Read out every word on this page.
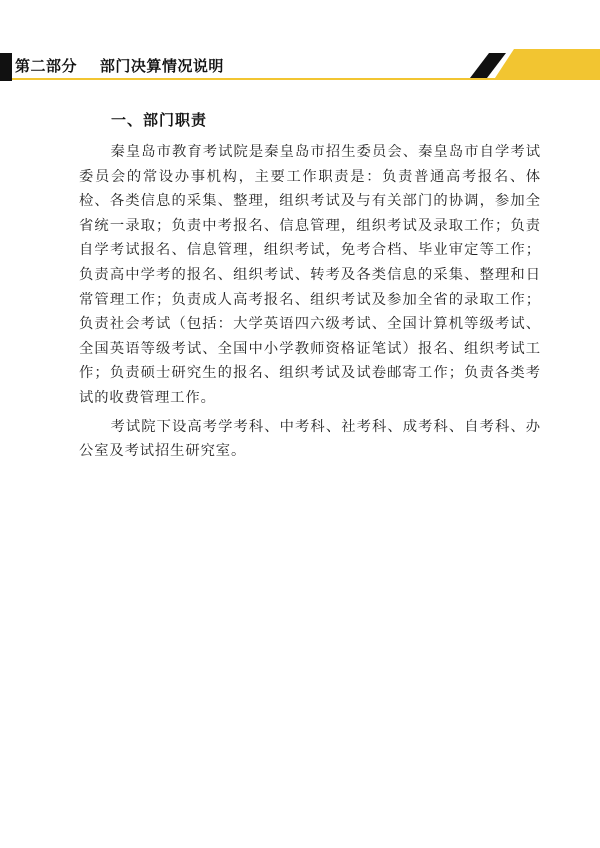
第二部分    部门决算情况说明
一、部门职责

秦皇岛市教育考试院是秦皇岛市招生委员会、秦皇岛市自学考试委员会的常设办事机构，主要工作职责是：负责普通高考报名、体检、各类信息的采集、整理，组织考试及与有关部门的协调，参加全省统一录取；负责中考报名、信息管理，组织考试及录取工作；负责自学考试报名、信息管理，组织考试，免考合档、毕业审定等工作；负责高中学考的报名、组织考试、转考及各类信息的采集、整理和日常管理工作；负责成人高考报名、组织考试及参加全省的录取工作；负责社会考试（包括：大学英语四六级考试、全国计算机等级考试、全国英语等级考试、全国中小学教师资格证笔试）报名、组织考试工作；负责硕士研究生的报名、组织考试及试卷邮寄工作；负责各类考试的收费管理工作。

考试院下设高考学考科、中考科、社考科、成考科、自考科、办公室及考试招生研究室。
